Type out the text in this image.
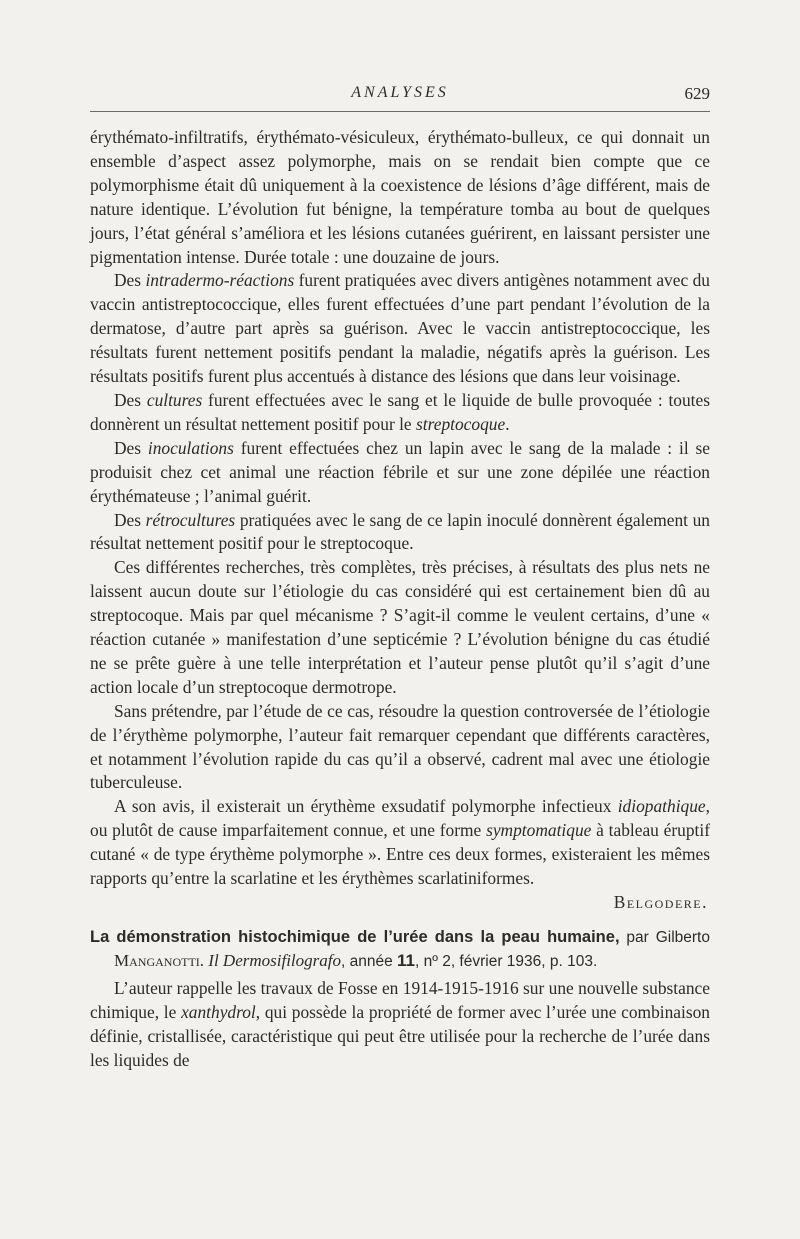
ANALYSES	629

érythémato-infiltratifs, érythémato-vésiculeux, érythémato-bulleux, ce qui donnait un ensemble d’aspect assez polymorphe, mais on se rendait bien compte que ce polymorphisme était dû uniquement à la coexistence de lésions d’âge différent, mais de nature identique. L’évolution fut bénigne, la température tomba au bout de quelques jours, l’état général s’améliora et les lésions cutanées guérirent, en laissant persister une pigmentation intense. Durée totale : une douzaine de jours.

Des intradermo-réactions furent pratiquées avec divers antigènes notamment avec du vaccin antistreptococcique, elles furent effectuées d’une part pendant l’évolution de la dermatose, d’autre part après sa guérison. Avec le vaccin antistreptococcique, les résultats furent nettement positifs pendant la maladie, négatifs après la guérison. Les résultats positifs furent plus accentués à distance des lésions que dans leur voisinage.

Des cultures furent effectuées avec le sang et le liquide de bulle provoquée : toutes donnèrent un résultat nettement positif pour le streptocoque.

Des inoculations furent effectuées chez un lapin avec le sang de la malade : il se produisit chez cet animal une réaction fébrile et sur une zone dépilée une réaction érythémateuse ; l’animal guérit.

Des rétrocultures pratiquées avec le sang de ce lapin inoculé donnèrent également un résultat nettement positif pour le streptocoque.

Ces différentes recherches, très complètes, très précises, à résultats des plus nets ne laissent aucun doute sur l’étiologie du cas considéré qui est certainement bien dû au streptocoque. Mais par quel mécanisme ? S’agit-il comme le veulent certains, d’une « réaction cutanée » manifestation d’une septicémie ? L’évolution bénigne du cas étudié ne se prête guère à une telle interprétation et l’auteur pense plutôt qu’il s’agit d’une action locale d’un streptocoque dermotrope.

Sans prétendre, par l’étude de ce cas, résoudre la question controversée de l’étiologie de l’érythème polymorphe, l’auteur fait remarquer cependant que différents caractères, et notamment l’évolution rapide du cas qu’il a observé, cadrent mal avec une étiologie tuberculeuse.

A son avis, il existerait un érythème exsudatif polymorphe infectieux idiopathique, ou plutôt de cause imparfaitement connue, et une forme symptomatique à tableau éruptif cutané « de type érythème polymorphe ». Entre ces deux formes, existeraient les mêmes rapports qu’entre la scarlatine et les érythèmes scarlatiniformes.

Belgodere.

La démonstration histochimique de l’urée dans la peau humaine, par Gilberto Manganotti. Il Dermosifilografo, année 11, nº 2, février 1936, p. 103.

L’auteur rappelle les travaux de Fosse en 1914-1915-1916 sur une nouvelle substance chimique, le xanthydrol, qui possède la propriété de former avec l’urée une combinaison définie, cristallisée, caractéristique qui peut être utilisée pour la recherche de l’urée dans les liquides de
